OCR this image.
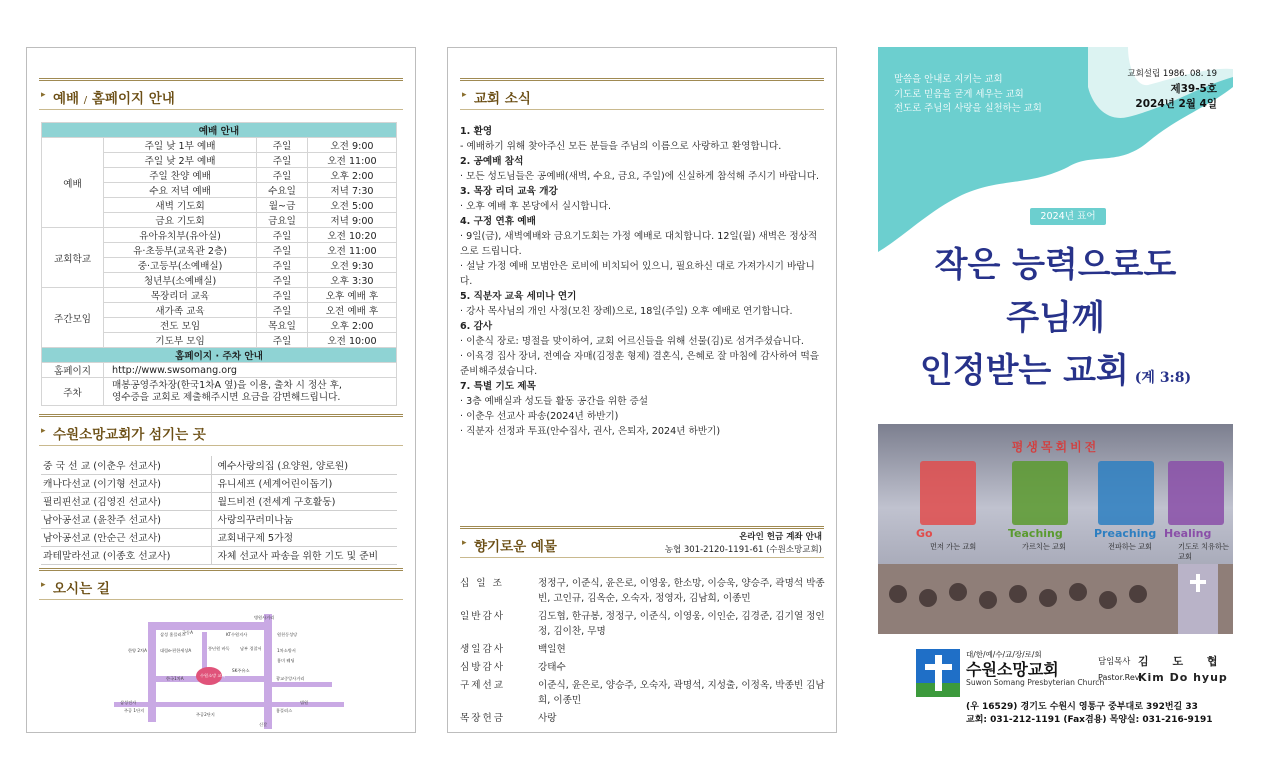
▸ 예배 / 홈페이지 안내
예배 안내			
예배	주일 낮 1부 예배	주일	오전 9:00
	주일 낮 2부 예배	주일	오전 11:00
	주일 찬양 예배	주일	오후 2:00
	수요 저녁 예배	수요일	저녁 7:30
	새벽 기도회	월~금	오전 5:00
	금요 기도회	금요일	저녁 9:00
교회학교	유아유치부(유아실)	주일	오전 10:20
	유·초등부(교육관 2층)	주일	오전 11:00
	중·고등부(소예배실)	주일	오전 9:30
	청년부(소예배실)	주일	오후 3:30
주간모임	목장리더 교육	주일	오후 예배 후
	새가족 교육	주일	오전 예배 후
	전도 모임	목요일	오후 2:00
	기도부 모임	주일	오전 10:00
홈페이지 · 주차 안내			
홈페이지	http://www.swsomang.org		
주차	매봉공영주차장(한국1차A 옆)을 이용, 출차 시 정산 후,
영수증을 교회로 제출해주시면 요금을 감면해드립니다.		
▸ 수원소망교회가 섬기는 곳
중 국 선 교 (이춘우 선교사)	예수사랑의집 (요양원, 양로원)
캐나다선교 (이기형 선교사)	유니세프 (세계어린이돕기)
필리핀선교 (김영진 선교사)	월드비전 (전세계 구호활동)
남아공선교 (윤찬주 선교사)	사랑의꾸러미나눔
남아공선교 (안순근 선교사)	교회내구제 5가정
과테말라선교 (이종호 선교사)	자체 선교사 파송을 위한 기도 및 준비
▸ 오시는 길
병원사거리
삼성 홈플러스
국동A	KT수원지사	원천동성당
한양 2차A	대림e-편한세상A	풍년원 바둑 남부 경찰서	1차소방서
홈미 웨딩
한국1차A
수원소망 교회
SK주유소
광교중앙사거리
법원
주공 1단지
주공2단지
홈플러스
신갈
삼성전자
▸ 교회 소식
1. 환영
- 예배하기 위해 찾아주신 모든 분들을 주님의 이름으로 사랑하고 환영합니다.
2. 공예배 참석
· 모든 성도님들은 공예배(새벽, 수요, 금요, 주일)에 신실하게 참석해 주시기 바랍니다.
3. 목장 리더 교육 개강
· 오후 예배 후 본당에서 실시합니다.
4. 구정 연휴 예배
· 9일(금), 새벽예배와 금요기도회는 가정 예배로 대치합니다. 12일(월) 새벽은 정상적으로 드립니다.
· 설날 가정 예배 모범안은 로비에 비치되어 있으니, 필요하신 대로 가져가시기 바랍니다.
5. 직분자 교육 세미나 연기
· 강사 목사님의 개인 사정(모친 장례)으로, 18일(주일) 오후 예배로 연기합니다.
6. 감사
· 이춘식 장로: 명절을 맞이하여, 교회 어르신들을 위해 선물(김)로 섬겨주셨습니다.
· 이육경 집사 장녀, 전예슬 자매(김정훈 형제) 결혼식, 은혜로 잘 마침에 감사하여 떡을 준비해주셨습니다.
7. 특별 기도 제목
· 3층 예배실과 성도들 활동 공간을 위한 증설
· 이춘우 선교사 파송(2024년 하반기)
· 직분자 선정과 투표(안수집사, 권사, 은퇴자, 2024년 하반기)
▸ 향기로운 예물
온라인 헌금 계좌 안내
농협 301-2120-1191-61 (수원소망교회)
십 일 조	정정구, 이준식, 윤은로, 이영웅, 한소망, 이승욱, 양승주, 곽명석 박종빈, 고인규, 김옥순, 오숙자, 정영자, 김남희, 이종민
일반감사	김도협, 한규봉, 정정구, 이준식, 이영웅, 이인순, 김경준, 김기열 정인정, 김이찬, 무명
생일감사	백일현
심방감사	강태수
구제선교	이준식, 윤은로, 양승주, 오숙자, 곽명석, 지성출, 이정옥, 박종빈 김남희, 이종민
목장헌금	사랑
말씀을 안내로 지키는 교회
기도로 믿음을 굳게 세우는 교회
전도로 주님의 사랑을 실천하는 교회
교회설립 1986. 08. 19
제39-5호
2024년 2월 4일
2024년 표어
작은 능력으로도
주님께
인정받는 교회 (계 3:8)
평생목회비전
Go
먼저 가는 교회
Teaching
가르치는 교회
Preaching
전파하는 교회
Healing
기도로 치유하는 교회
대/한/예/수/교/장/로/회
수원소망교회
Suwon Somang Presbyterian Church
담임목사 김 도 협
Pastor.Rev.
Kim Do hyup
(우 16529) 경기도 수원시 영통구 중부대로 392번길 33
교회: 031-212-1191 (Fax겸용) 목양실: 031-216-9191
